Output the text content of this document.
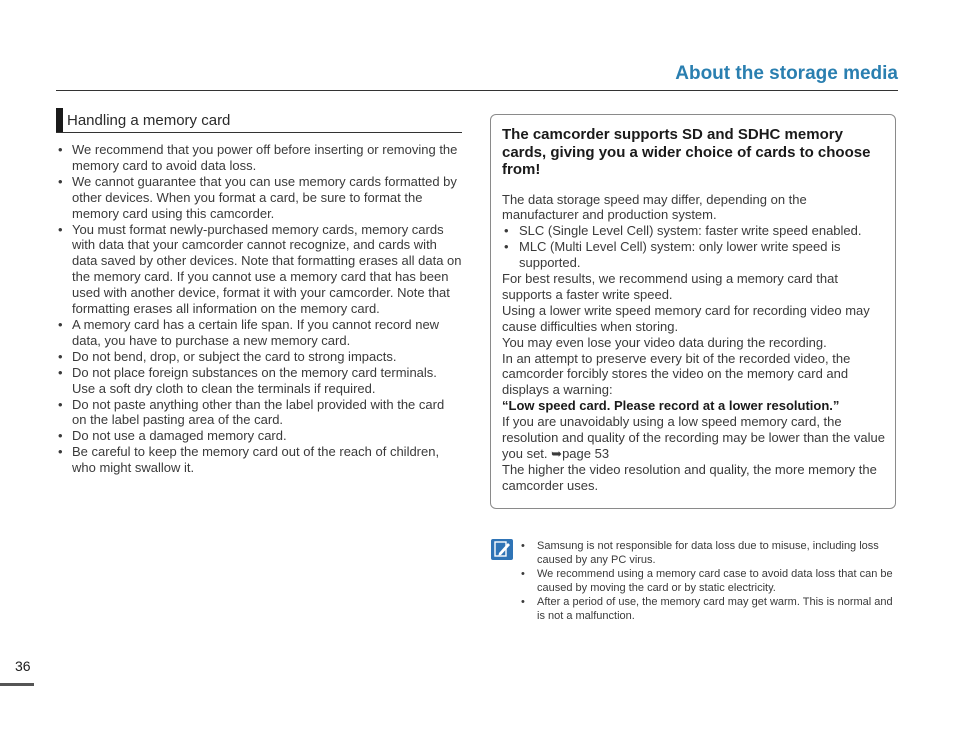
About the storage media
Handling a memory card
• We recommend that you power off before inserting or removing the memory card to avoid data loss.
• We cannot guarantee that you can use memory cards formatted by other devices. When you format a card, be sure to format the memory card using this camcorder.
• You must format newly-purchased memory cards, memory cards with data that your camcorder cannot recognize, and cards with data saved by other devices. Note that formatting erases all data on the memory card. If you cannot use a memory card that has been used with another device, format it with your camcorder. Note that formatting erases all information on the memory card.
• A memory card has a certain life span. If you cannot record new data, you have to purchase a new memory card.
• Do not bend, drop, or subject the card to strong impacts.
• Do not place foreign substances on the memory card terminals. Use a soft dry cloth to clean the terminals if required.
• Do not paste anything other than the label provided with the card on the label pasting area of the card.
• Do not use a damaged memory card.
• Be careful to keep the memory card out of the reach of children, who might swallow it.
The camcorder supports SD and SDHC memory cards, giving you a wider choice of cards to choose from!

The data storage speed may differ, depending on the manufacturer and production system.

• SLC (Single Level Cell) system: faster write speed enabled.
• MLC (Multi Level Cell) system: only lower write speed is supported.

For best results, we recommend using a memory card that supports a faster write speed.

Using a lower write speed memory card for recording video may cause difficulties when storing.

You may even lose your video data during the recording.

In an attempt to preserve every bit of the recorded video, the camcorder forcibly stores the video on the memory card and displays a warning:

“Low speed card. Please record at a lower resolution.”

If you are unavoidably using a low speed memory card, the resolution and quality of the recording may be lower than the value you set. ➥page 53

The higher the video resolution and quality, the more memory the camcorder uses.

• Samsung is not responsible for data loss due to misuse, including loss caused by any PC virus.
• We recommend using a memory card case to avoid data loss that can be caused by moving the card or by static electricity.
• After a period of use, the memory card may get warm. This is normal and is not a malfunction.
36
